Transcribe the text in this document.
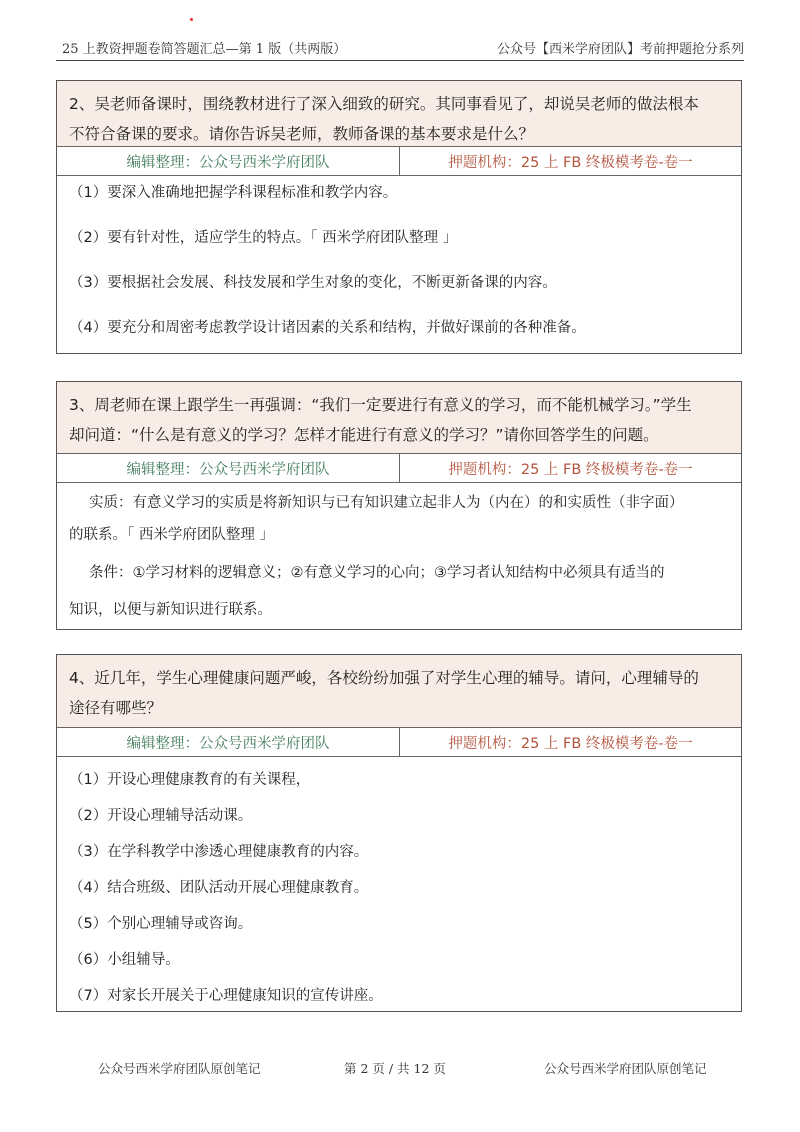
25 上教资押题卷简答题汇总—第 1 版（共两版）	公众号【西米学府团队】考前押题抢分系列
2、吴老师备课时，围绕教材进行了深入细致的研究。其同事看见了，却说吴老师的做法根本
不符合备课的要求。请你告诉吴老师，教师备课的基本要求是什么？
编辑整理：公众号西米学府团队	押题机构：25 上 FB 终极模考卷-卷一
（1）要深入准确地把握学科课程标准和教学内容。
（2）要有针对性，适应学生的特点。「 西米学府团队整理 」
（3）要根据社会发展、科技发展和学生对象的变化，不断更新备课的内容。
（4）要充分和周密考虑教学设计诸因素的关系和结构，并做好课前的各种准备。
3、周老师在课上跟学生一再强调：“我们一定要进行有意义的学习，而不能机械学习。”学生
却问道：“什么是有意义的学习？怎样才能进行有意义的学习？”请你回答学生的问题。
编辑整理：公众号西米学府团队	押题机构：25 上 FB 终极模考卷-卷一
实质：有意义学习的实质是将新知识与已有知识建立起非人为（内在）的和实质性（非字面）
的联系。「 西米学府团队整理 」
条件：①学习材料的逻辑意义；②有意义学习的心向；③学习者认知结构中必须具有适当的
知识，以便与新知识进行联系。
4、近几年，学生心理健康问题严峻，各校纷纷加强了对学生心理的辅导。请问，心理辅导的
途径有哪些？
编辑整理：公众号西米学府团队	押题机构：25 上 FB 终极模考卷-卷一
（1）开设心理健康教育的有关课程，
（2）开设心理辅导活动课。
（3）在学科教学中渗透心理健康教育的内容。
（4）结合班级、团队活动开展心理健康教育。
（5）个别心理辅导或咨询。
（6）小组辅导。
（7）对家长开展关于心理健康知识的宣传讲座。
公众号西米学府团队原创笔记	第 2 页 / 共 12 页	公众号西米学府团队原创笔记
